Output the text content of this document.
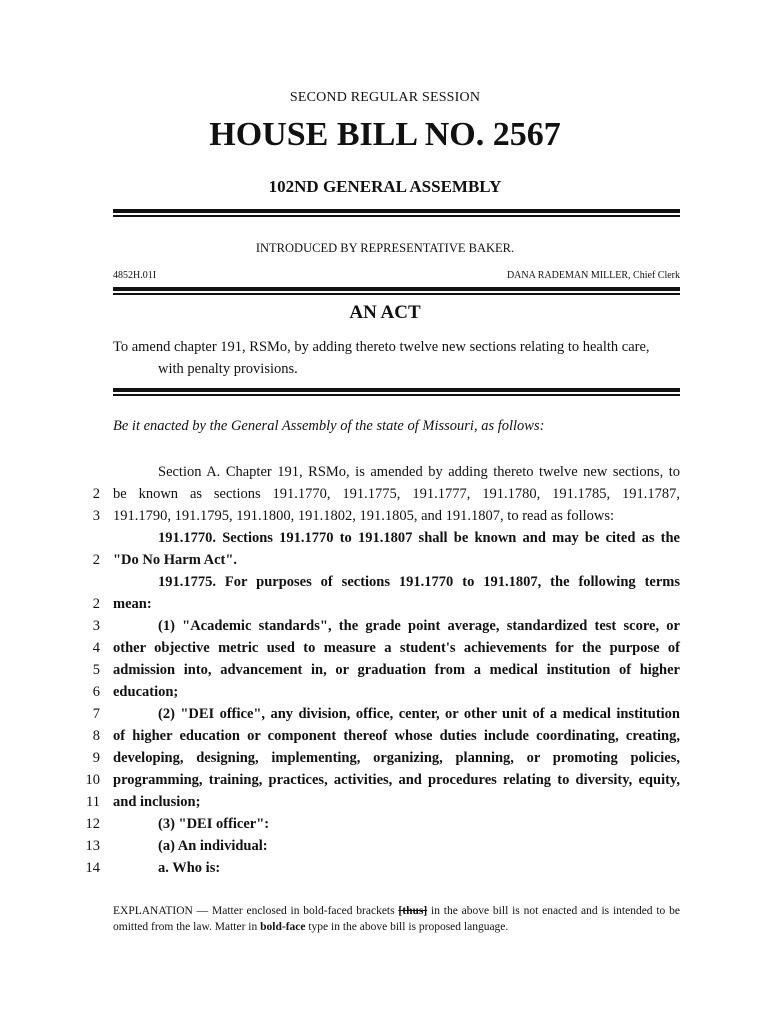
SECOND REGULAR SESSION
HOUSE BILL NO. 2567
102ND GENERAL ASSEMBLY
INTRODUCED BY REPRESENTATIVE BAKER.
4852H.01I	DANA RADEMAN MILLER, Chief Clerk
AN ACT
To amend chapter 191, RSMo, by adding thereto twelve new sections relating to health care,
with penalty provisions.
Be it enacted by the General Assembly of the state of Missouri, as follows:
Section A. Chapter 191, RSMo, is amended by adding thereto twelve new sections, to
2 be known as sections 191.1770, 191.1775, 191.1777, 191.1780, 191.1785, 191.1787,
3 191.1790, 191.1795, 191.1800, 191.1802, 191.1805, and 191.1807, to read as follows:
191.1770. Sections 191.1770 to 191.1807 shall be known and may be cited as the
2 "Do No Harm Act".
191.1775. For purposes of sections 191.1770 to 191.1807, the following terms
2 mean:
3	(1) "Academic standards", the grade point average, standardized test score, or
4 other objective metric used to measure a student's achievements for the purpose of
5 admission into, advancement in, or graduation from a medical institution of higher
6 education;
7	(2) "DEI office", any division, office, center, or other unit of a medical institution
8 of higher education or component thereof whose duties include coordinating, creating,
9 developing, designing, implementing, organizing, planning, or promoting policies,
10 programming, training, practices, activities, and procedures relating to diversity, equity,
11 and inclusion;
12	(3) "DEI officer":
13	(a) An individual:
14	a. Who is:
EXPLANATION — Matter enclosed in bold-faced brackets [thus] in the above bill is not enacted and is intended to be omitted from the law. Matter in bold-face type in the above bill is proposed language.
